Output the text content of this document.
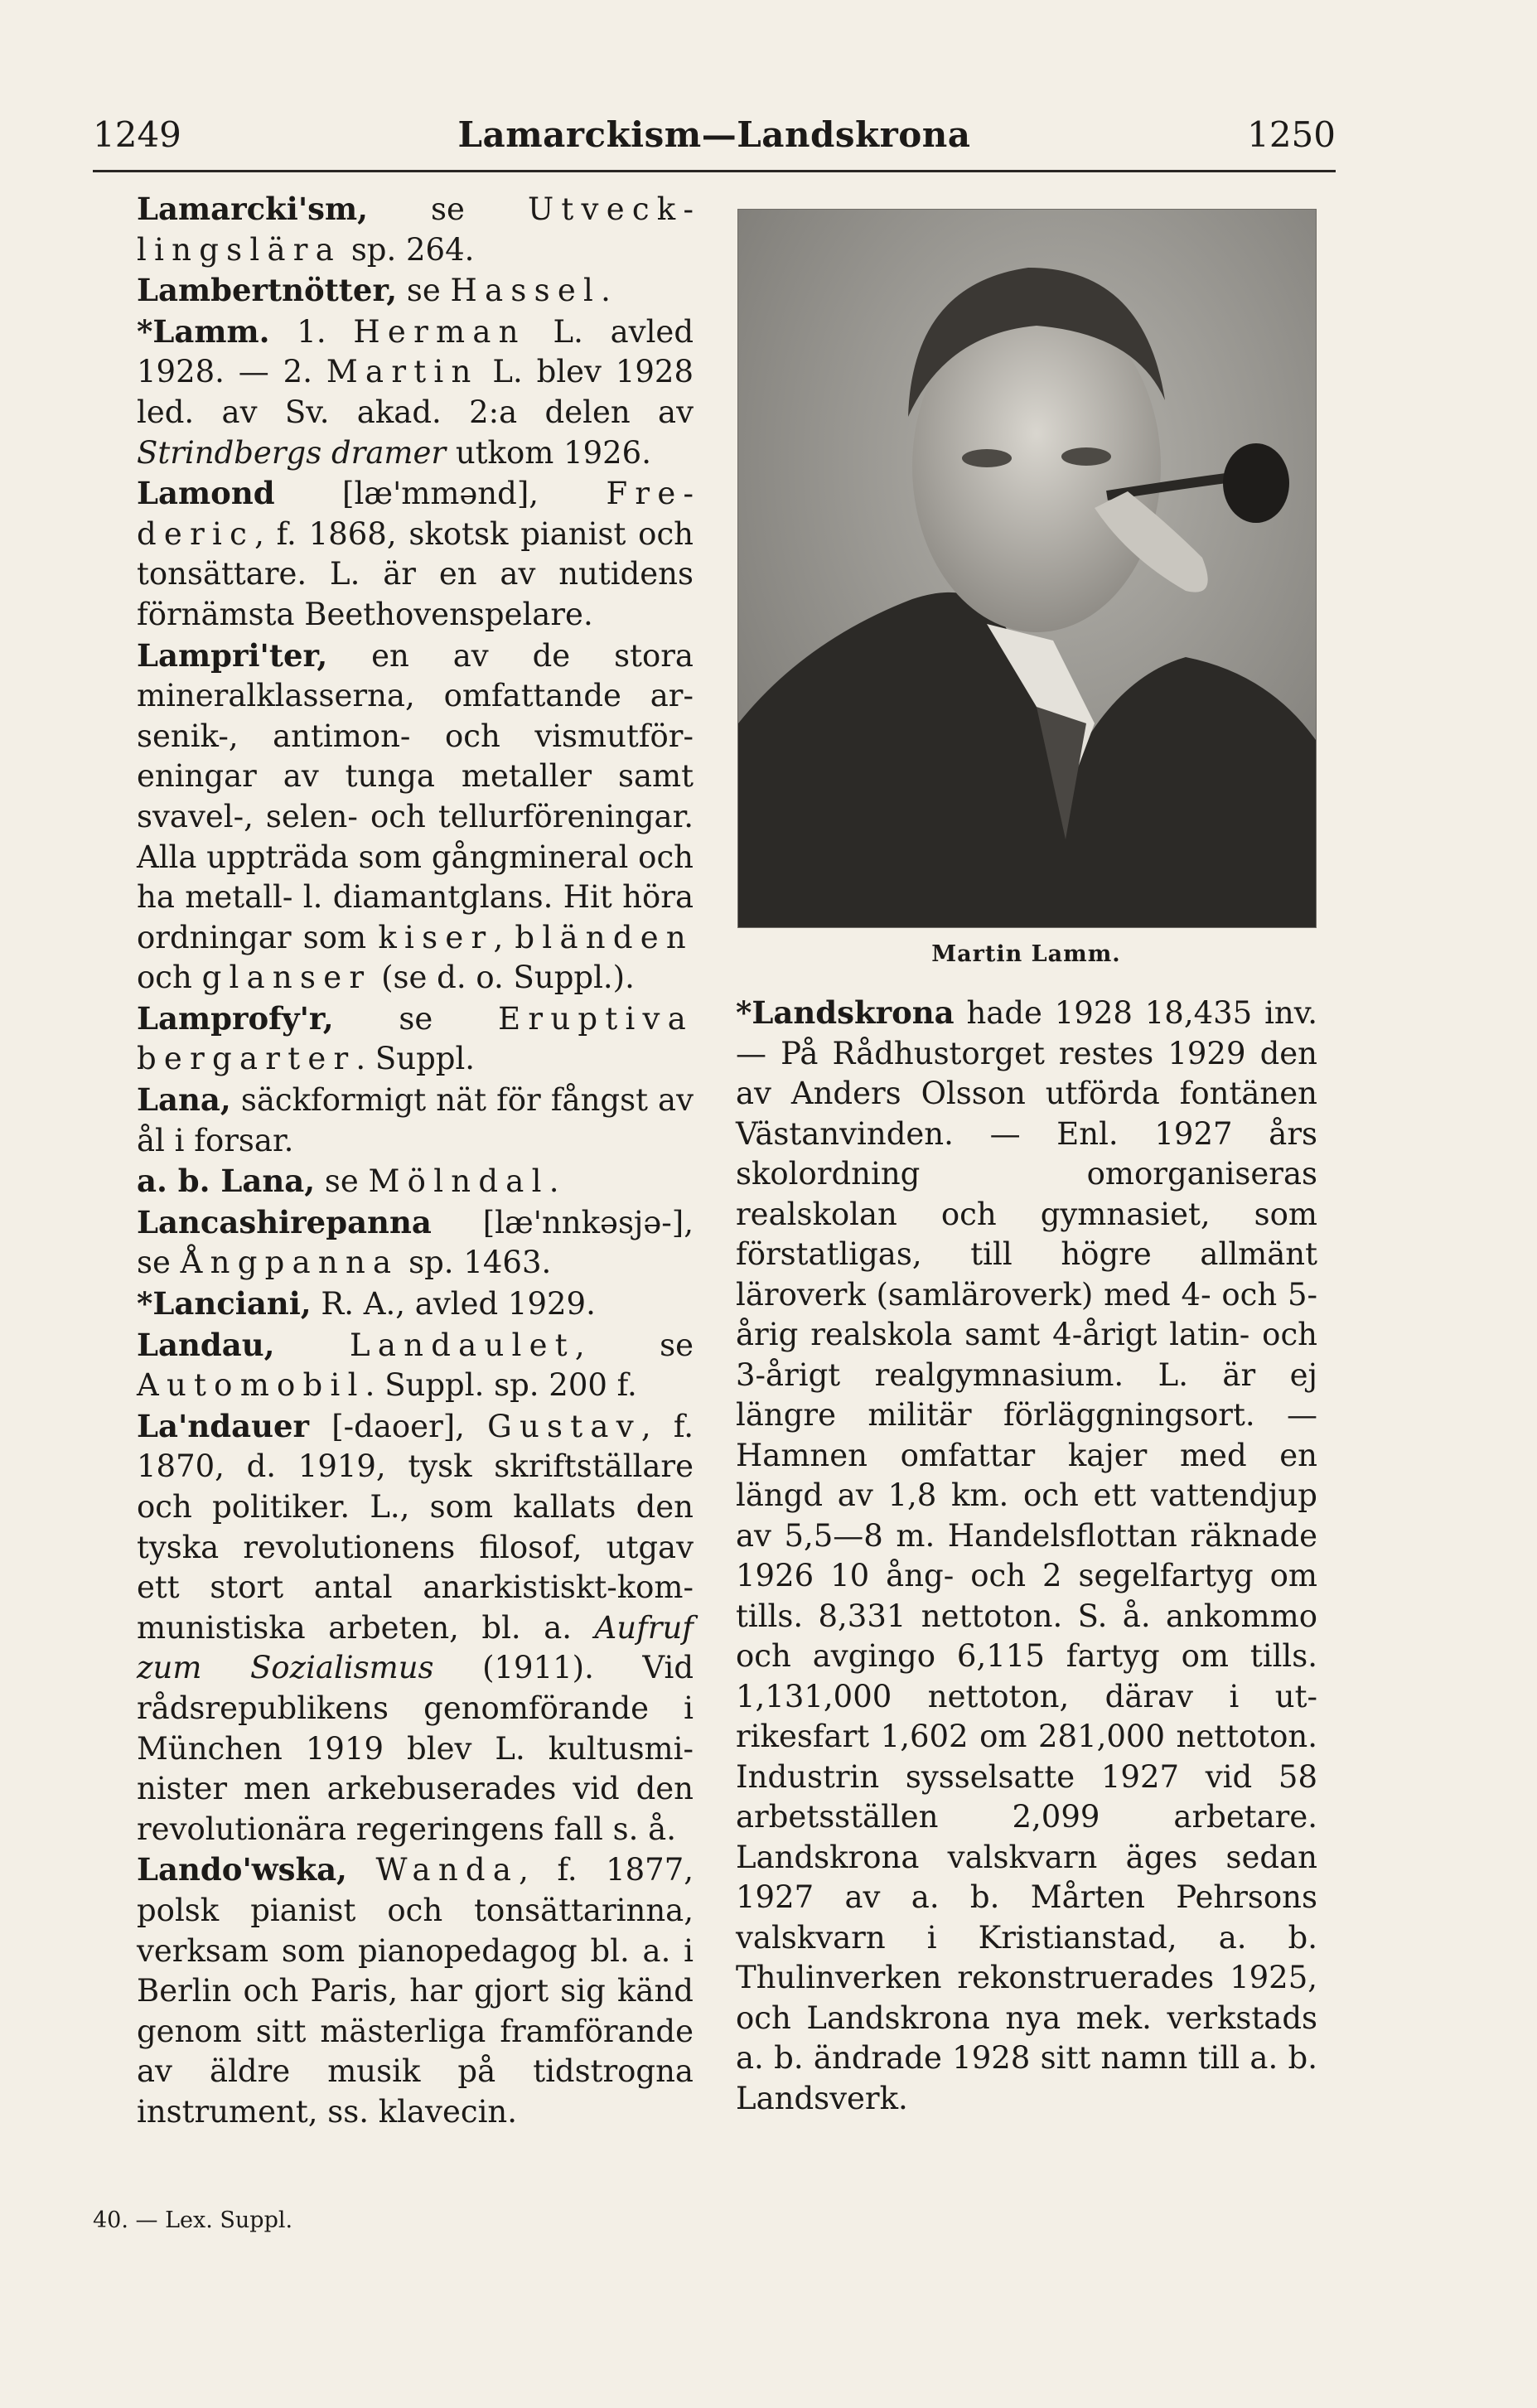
1249	Lamarckism—Landskrona	1250

Lamarcki'sm, se Utvecklingslära sp. 264.

Lambertnötter, se Hassel.

*Lamm. 1. Herman L. avled 1928. — 2. Martin L. blev 1928 led. av Sv. akad. 2:a delen av Strindbergs dramer utkom 1926.

Lamond [læ'mmənd], Frederic, f. 1868, skotsk pianist och tonsättare. L. är en av nutidens förnämsta Beethovenspelare.

Lampri'ter, en av de stora mineralklasserna, omfattande arsenik-, antimon- och vismutföreningar av tunga metaller samt svavel-, selen- och tellurföreningar. Alla uppträda som gångmineral och ha metall- l. diamantglans. Hit höra ordningar som kiser, bländen och glanser (se d. o. Suppl.).

Lamprofy'r, se Eruptiva bergarter. Suppl.

Lana, säckformigt nät för fångst av ål i forsar.

a. b. Lana, se Mölndal.

Lancashirepanna [læ'nnkəsjə-], se Ångpanna sp. 1463.

*Lanciani, R. A., avled 1929.

Landau, Landaulet, se Automobil. Suppl. sp. 200 f.

La'ndauer [-daoer], Gustav, f. 1870, d. 1919, tysk skriftställare och politiker. L., som kallats den tyska revolutionens filosof, utgav ett stort antal anarkistiskt-kommunistiska arbeten, bl. a. Aufruf zum Sozialismus (1911). Vid rådsrepublikens genomförande i München 1919 blev L. kultusminister men arkebuserades vid den revolutionära regeringens fall s. å.

Lando'wska, Wanda, f. 1877, polsk pianist och tonsättarinna, verksam som pianopedagog bl. a. i Berlin och Paris, har gjort sig känd genom sitt mästerliga framförande av äldre musik på tidstrogna instrument, ss. klavecin.

Martin Lamm.

*Landskrona hade 1928 18,435 inv. — På Rådhustorget restes 1929 den av Anders Olsson utförda fontänen Västanvinden. — Enl. 1927 års skolordning omorganiseras realskolan och gymnasiet, som förstatligas, till högre allmänt läroverk (samläroverk) med 4- och 5-årig realskola samt 4-årigt latin- och 3-årigt realgymnasium. L. är ej längre militär förläggningsort. — Hamnen omfattar kajer med en längd av 1,8 km. och ett vattendjup av 5,5—8 m. Handelsflottan räknade 1926 10 ång- och 2 segelfartyg om tills. 8,331 nettoton. S. å. ankommo och avgingo 6,115 fartyg om tills. 1,131,000 nettoton, därav i utrikesfart 1,602 om 281,000 nettoton. Industrin sysselsatte 1927 vid 58 arbetsställen 2,099 arbetare. Landskrona valskvarn äges sedan 1927 av a. b. Mårten Pehrsons valskvarn i Kristianstad, a. b. Thulinverken rekonstruerades 1925, och Landskrona nya mek. verkstads a. b. ändrade 1928 sitt namn till a. b. Landsverk.

40. — Lex. Suppl.
